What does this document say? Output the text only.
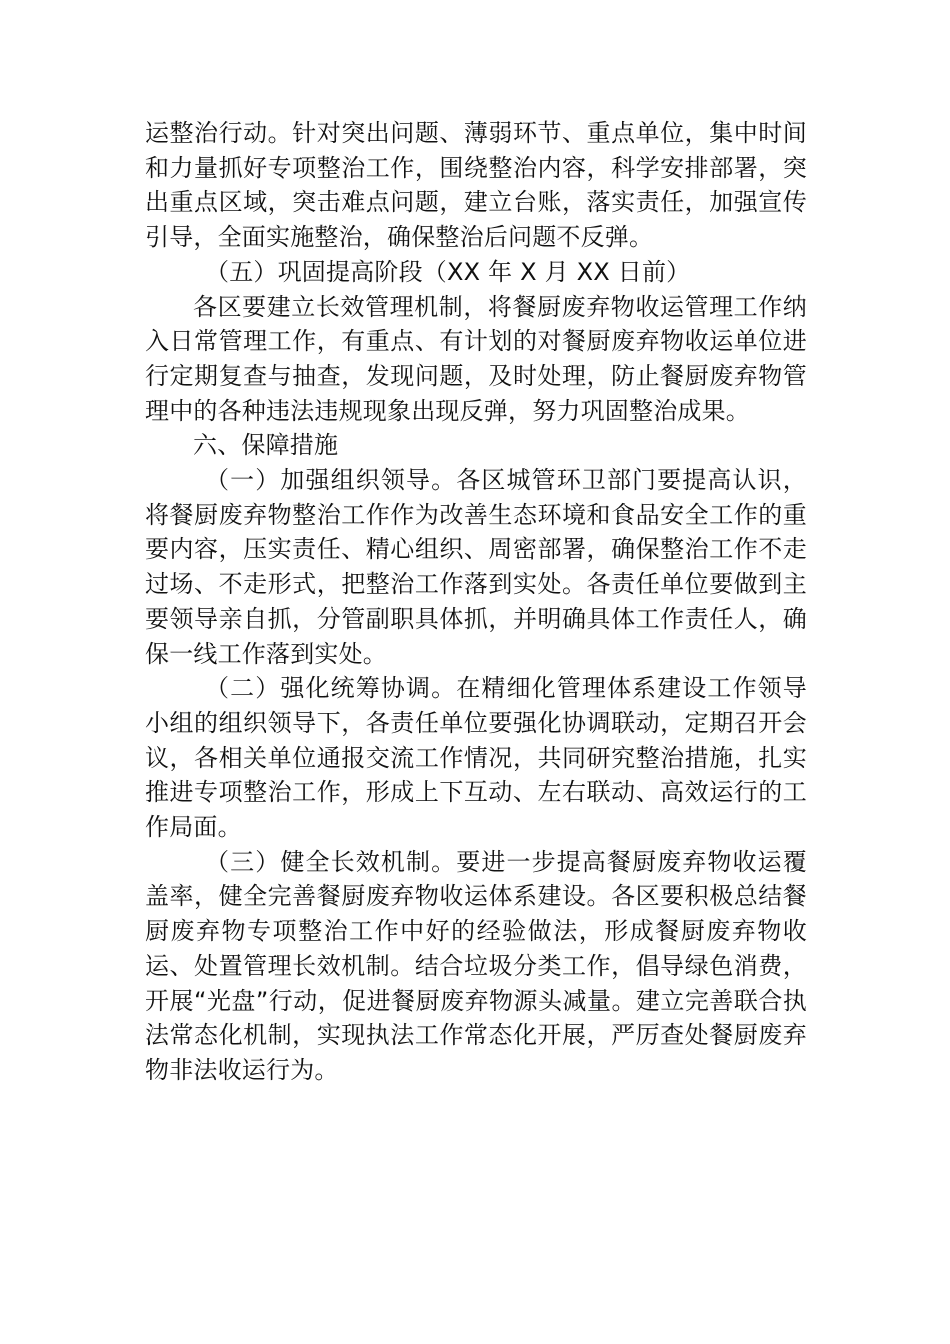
运整治行动。针对突出问题、薄弱环节、重点单位，集中时间和力量抓好专项整治工作，围绕整治内容，科学安排部署，突出重点区域，突击难点问题，建立台账，落实责任，加强宣传引导，全面实施整治，确保整治后问题不反弹。

（五）巩固提高阶段（XX 年 X 月 XX 日前）

各区要建立长效管理机制，将餐厨废弃物收运管理工作纳入日常管理工作，有重点、有计划的对餐厨废弃物收运单位进行定期复查与抽查，发现问题，及时处理，防止餐厨废弃物管理中的各种违法违规现象出现反弹，努力巩固整治成果。

六、保障措施

（一）加强组织领导。各区城管环卫部门要提高认识，将餐厨废弃物整治工作作为改善生态环境和食品安全工作的重要内容，压实责任、精心组织、周密部署，确保整治工作不走过场、不走形式，把整治工作落到实处。各责任单位要做到主要领导亲自抓，分管副职具体抓，并明确具体工作责任人，确保一线工作落到实处。

（二）强化统筹协调。在精细化管理体系建设工作领导小组的组织领导下，各责任单位要强化协调联动，定期召开会议，各相关单位通报交流工作情况，共同研究整治措施，扎实推进专项整治工作，形成上下互动、左右联动、高效运行的工作局面。

（三）健全长效机制。要进一步提高餐厨废弃物收运覆盖率，健全完善餐厨废弃物收运体系建设。各区要积极总结餐厨废弃物专项整治工作中好的经验做法，形成餐厨废弃物收运、处置管理长效机制。结合垃圾分类工作，倡导绿色消费，开展“光盘”行动，促进餐厨废弃物源头减量。建立完善联合执法常态化机制，实现执法工作常态化开展，严厉查处餐厨废弃物非法收运行为。
